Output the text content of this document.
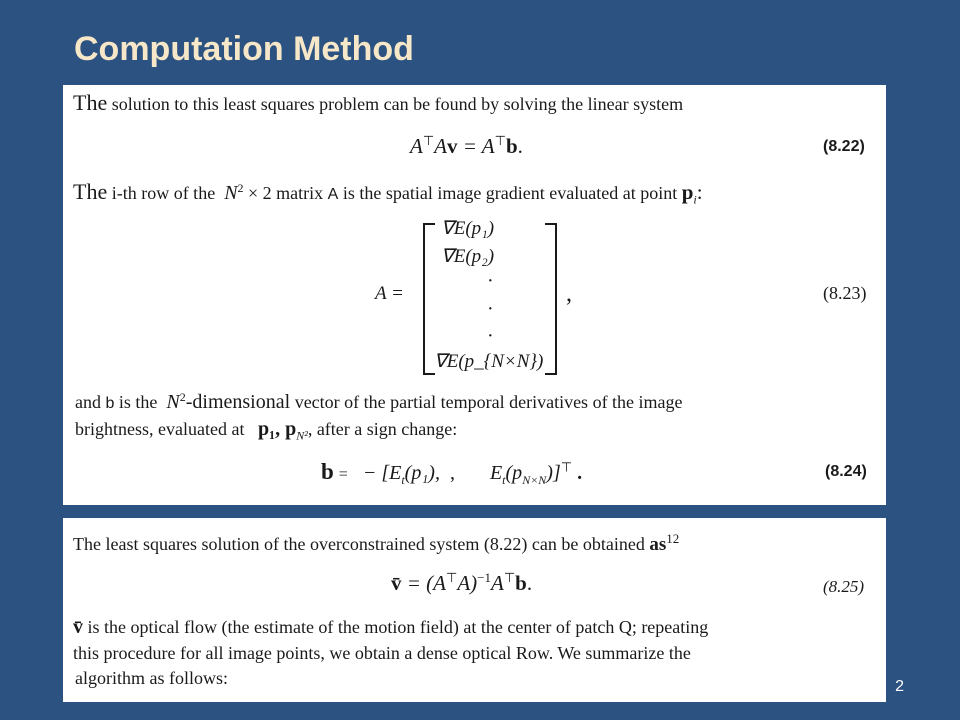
Computation Method
The solution to this least squares problem can be found by solving the linear system
A⊤Av = A⊤b.	(8.22)
The i-th row of the $N^2 \times 2$ matrix A is the spatial image gradient evaluated at point $p_i$:
A =
∇E(p₁)
∇E(p₂)
·
·
·
∇E(p_{N×N})
,	(8.23)
and b is the $N^2$-dimensional vector of the partial temporal derivatives of the image
brightness, evaluated at p₁, $p_{N^2}$, after a sign change:
b = − [$E_t(p_1)$, , $E_t(p_{N\times N})]^⊤$ .	(8.24)
The least squares solution of the overconstrained system (8.22) can be obtained $as^{12}$
v̄ = $(A^⊤A)^{-1}A^⊤b$.	(8.25)
v̄ is the optical flow (the estimate of the motion field) at the center of patch Q; repeating
this procedure for all image points, we obtain a dense optical Row. We summarize the
algorithm as follows:	2
